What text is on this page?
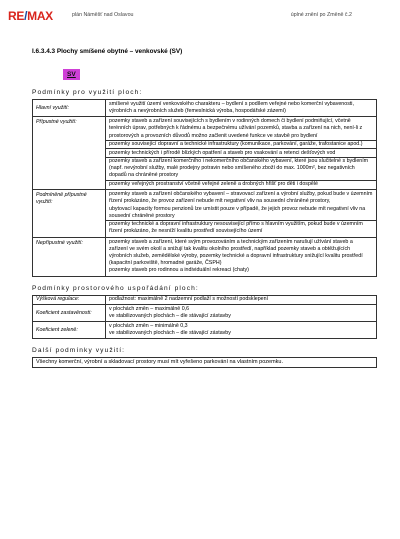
RE/MAX	plán Náměšť nad Oslavou	úplné znění po Změně č.2
I.6.3.4.3 Plochy smíšené obytné – venkovské (SV)
SV
Podmínky pro využití ploch:
Hlavní využití:	smíšené využití území venkovského charakteru – bydlení s podílem veřejné nebo komerční vybavenosti, výrobních a nevýrobních služeb (řemeslnická výroba, hospodářské zázemí)

Přípustné využití:	pozemky staveb a zařízení souvisejících s bydlením v rodinných domech či bydlení podmiňující, včetně terénních úprav, potřebných k řádnému a bezpečnému užívání pozemků, stavba a zařízení na nich, není-li z prostorových a provozních důvodů možno začlenit uvedené funkce ve stavbě pro bydlení
pozemky související dopravní a technické infrastruktury (komunikace, parkování, garáže, trafostanice apod.)
pozemky technických i přírodě blízkých opatření a staveb pro vsakování a retenci dešťových vod
pozemky staveb a zařízení komerčního i nekomerčního občanského vybavení, které jsou slučitelné s bydlením (např. nevýrobní služby, malé prodejny potravin nebo smíšeného zboží do max. 1000m², bez negativních dopadů na chráněné prostory
pozemky veřejných prostranství včetně veřejné zeleně a drobných hřišť pro děti i dospělé

Podmíněně přípustné využití:	pozemky staveb a zařízení občanského vybavení – stravovací zařízení a výrobní služby, pokud bude v územním řízení prokázáno, že provoz zařízení nebude mít negativní vliv na sousední chráněné prostory,
ubytovací kapacity formou penzionů lze umístit pouze v případě, že jejich provoz nebude mít negativní vliv na sousední chráněné prostory
pozemky technické a dopravní infrastruktury nesouvisející přímo s hlavním využitím, pokud bude v územním řízení prokázáno, že nesníží kvalitu prostředí souvisejícího území

Nepřípustné využití:	pozemky staveb a zařízení, které svým provozováním a technickým zařízením narušují užívání staveb a zařízení ve svém okolí a snižují tak kvalitu okolního prostředí, například pozemky staveb a obtěžujících výrobních služeb, zemědělské výroby, pozemky technické a dopravní infrastruktury snižující kvalitu prostředí (kapacitní parkoviště, hromadné garáže, ČSPH)
pozemky staveb pro rodinnou a individuální rekreaci (chaty)
Podmínky prostorového uspořádání ploch:
Výšková regulace:	podlažnost: maximálně 2 nadzemní podlaží s možností podsklepení

Koeficient zastavěnosti:	v plochách změn – maximálně 0,6
ve stabilizovaných plochách – dle stávající zástavby

Koeficient zeleně:	v plochách změn – minimálně 0,3
ve stabilizovaných plochách – dle stávající zástavby
Další podmínky využití:
Všechny komerční, výrobní a skladovací prostory musí mít vyřešeno parkování na vlastním pozemku.
